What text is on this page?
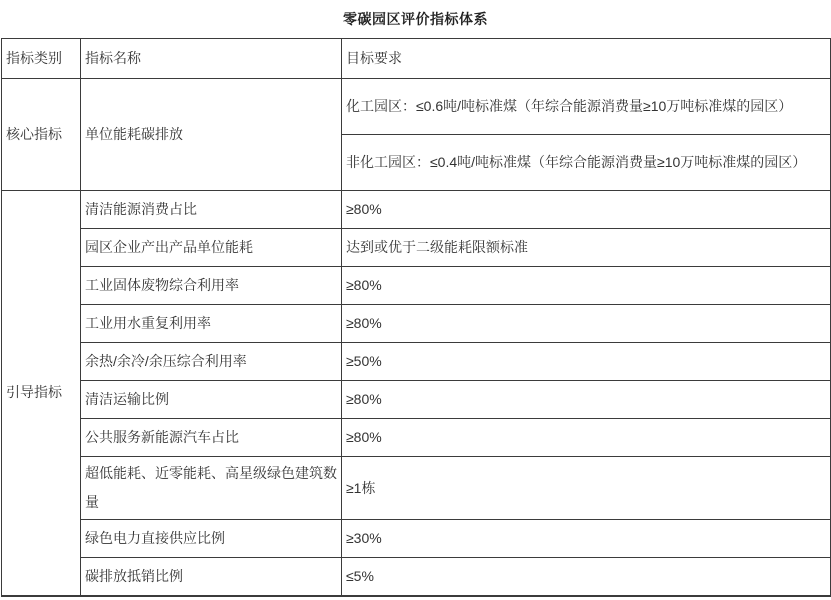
零碳园区评价指标体系
指标类别	指标名称	目标要求
核心指标	单位能耗碳排放	化工园区：≤0.6吨/吨标准煤（年综合能源消费量≥10万吨标准煤的园区）
		非化工园区：≤0.4吨/吨标准煤（年综合能源消费量≥10万吨标准煤的园区）
引导指标	清洁能源消费占比	≥80%
	园区企业产出产品单位能耗	达到或优于二级能耗限额标准
	工业固体废物综合利用率	≥80%
	工业用水重复利用率	≥80%
	余热/余冷/余压综合利用率	≥50%
	清洁运输比例	≥80%
	公共服务新能源汽车占比	≥80%
	超低能耗、近零能耗、高星级绿色建筑数量	≥1栋
	绿色电力直接供应比例	≥30%
	碳排放抵销比例	≤5%
